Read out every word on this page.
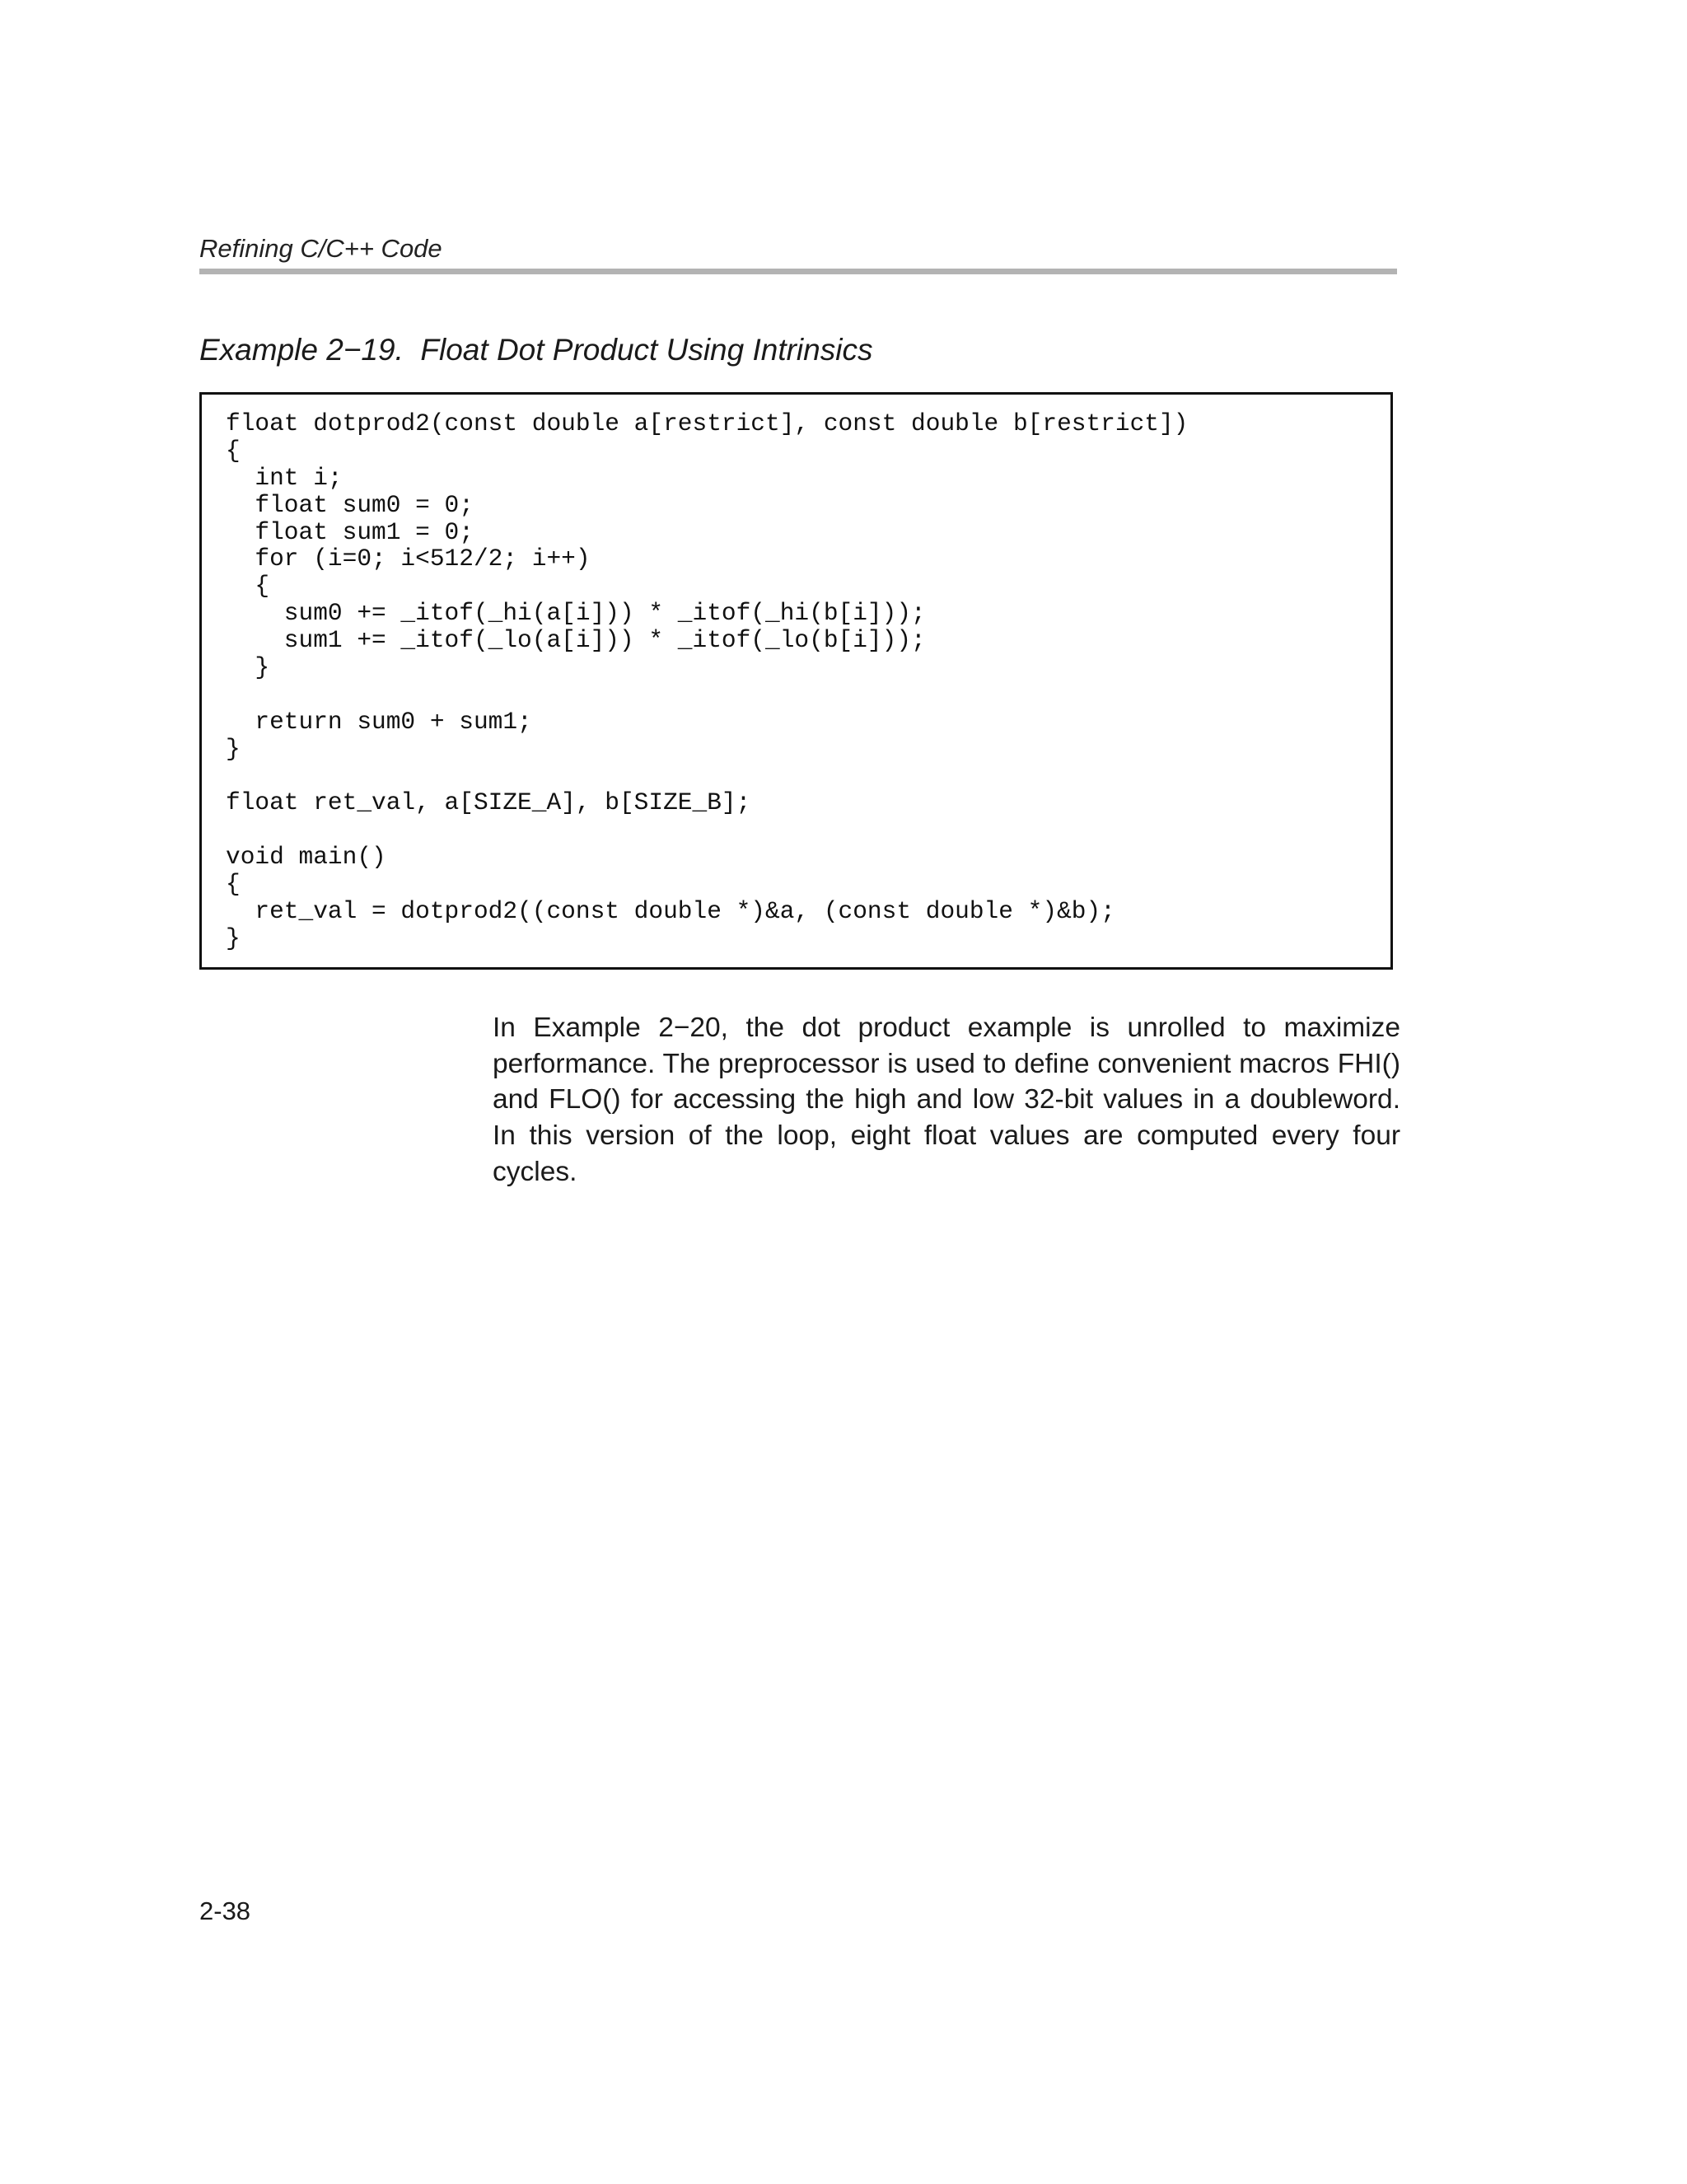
Refining C/C++ Code
Example 2−19.  Float Dot Product Using Intrinsics
float dotprod2(const double a[restrict], const double b[restrict])
{
int i;
float sum0 = 0;
float sum1 = 0;
for (i=0; i<512/2; i++)
{
sum0 += _itof(_hi(a[i])) * _itof(_hi(b[i]));
sum1 += _itof(_lo(a[i])) * _itof(_lo(b[i]));
}
return sum0 + sum1;
}
float ret_val, a[SIZE_A], b[SIZE_B];
void main()
{
ret_val = dotprod2((const double *)&a, (const double *)&b);
}

In Example 2−20, the dot product example is unrolled to maximize performance. The preprocessor is used to define convenient macros FHI() and FLO() for accessing the high and low 32-bit values in a doubleword. In this version of the loop, eight float values are computed every four cycles.

2-38
